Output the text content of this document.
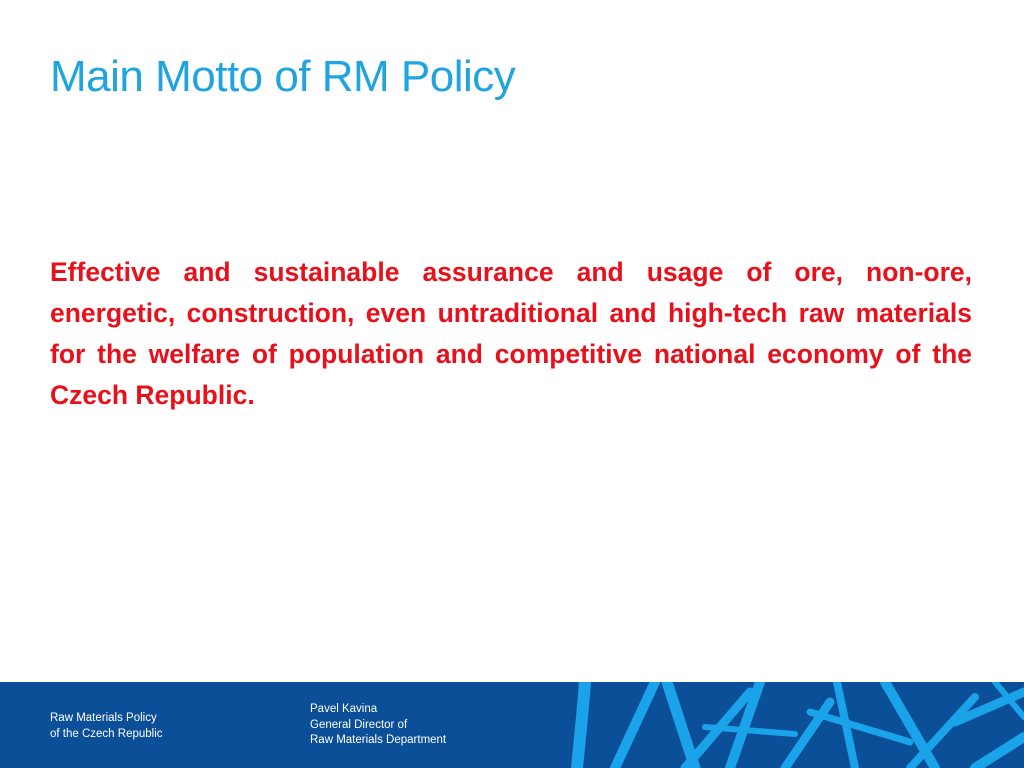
Main Motto of RM Policy

Effective and sustainable assurance and usage of ore, non-ore, energetic, construction, even untraditional and high-tech raw materials for the welfare of population and competitive national economy of the Czech Republic.

Raw Materials Policy
of the Czech Republic
Pavel Kavina
General Director of
Raw Materials Department
